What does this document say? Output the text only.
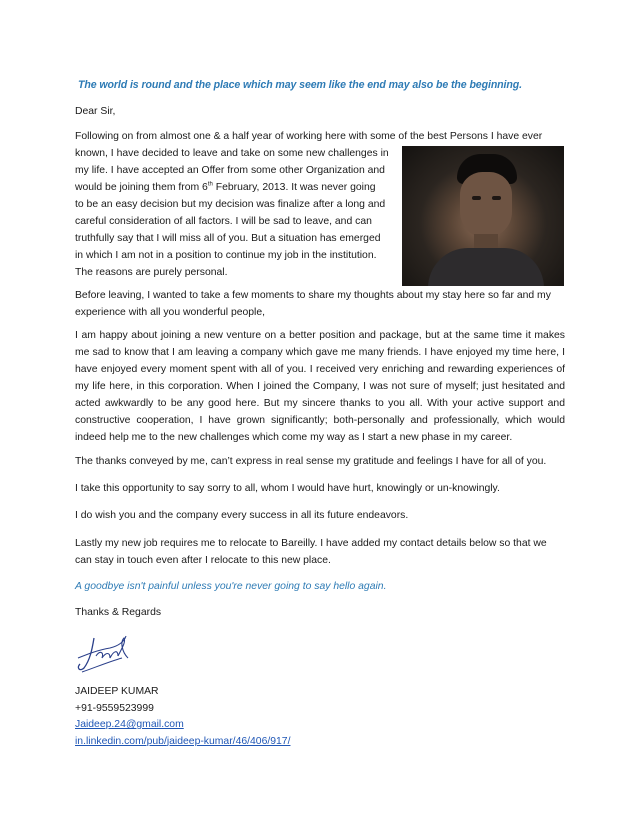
The world is round and the place which may seem like the end may also be the beginning.
Dear Sir,
Following on from almost one & a half year of working here with some of the best Persons I have ever
known, I have decided to leave and take on some new challenges in
my life. I have accepted an Offer from some other Organization and
would be joining them from 6th February, 2013. It was never going
to be an easy decision but my decision was finalize after a long and
careful consideration of all factors. I will be sad to leave, and can
truthfully say that I will miss all of you. But a situation has emerged
in which I am not in a position to continue my job in the institution.
The reasons are purely personal.
Before leaving, I wanted to take a few moments to share my thoughts about my stay here so far and my
experience with all you wonderful people,
I am happy about joining a new venture on a better position and package, but at the same time it makes me sad to know that I am leaving a company which gave me many friends. I have enjoyed my time here, I have enjoyed every moment spent with all of you. I received very enriching and rewarding experiences of my life here, in this corporation. When I joined the Company, I was not sure of myself; just hesitated and acted awkwardly to be any good here. But my sincere thanks to you all. With your active support and constructive cooperation, I have grown significantly; both-personally and professionally, which would indeed help me to the new challenges which come my way as I start a new phase in my career.
The thanks conveyed by me, can’t express in real sense my gratitude and feelings I have for all of you.
I take this opportunity to say sorry to all, whom I would have hurt, knowingly or un-knowingly.
I do wish you and the company every success in all its future endeavors.
Lastly my new job requires me to relocate to Bareilly. I have added my contact details below so that we can stay in touch even after I relocate to this new place.
A goodbye isn't painful unless you're never going to say hello again.
Thanks & Regards
JAIDEEP KUMAR
+91-9559523999
Jaideep.24@gmail.com
in.linkedin.com/pub/jaideep-kumar/46/406/917/
